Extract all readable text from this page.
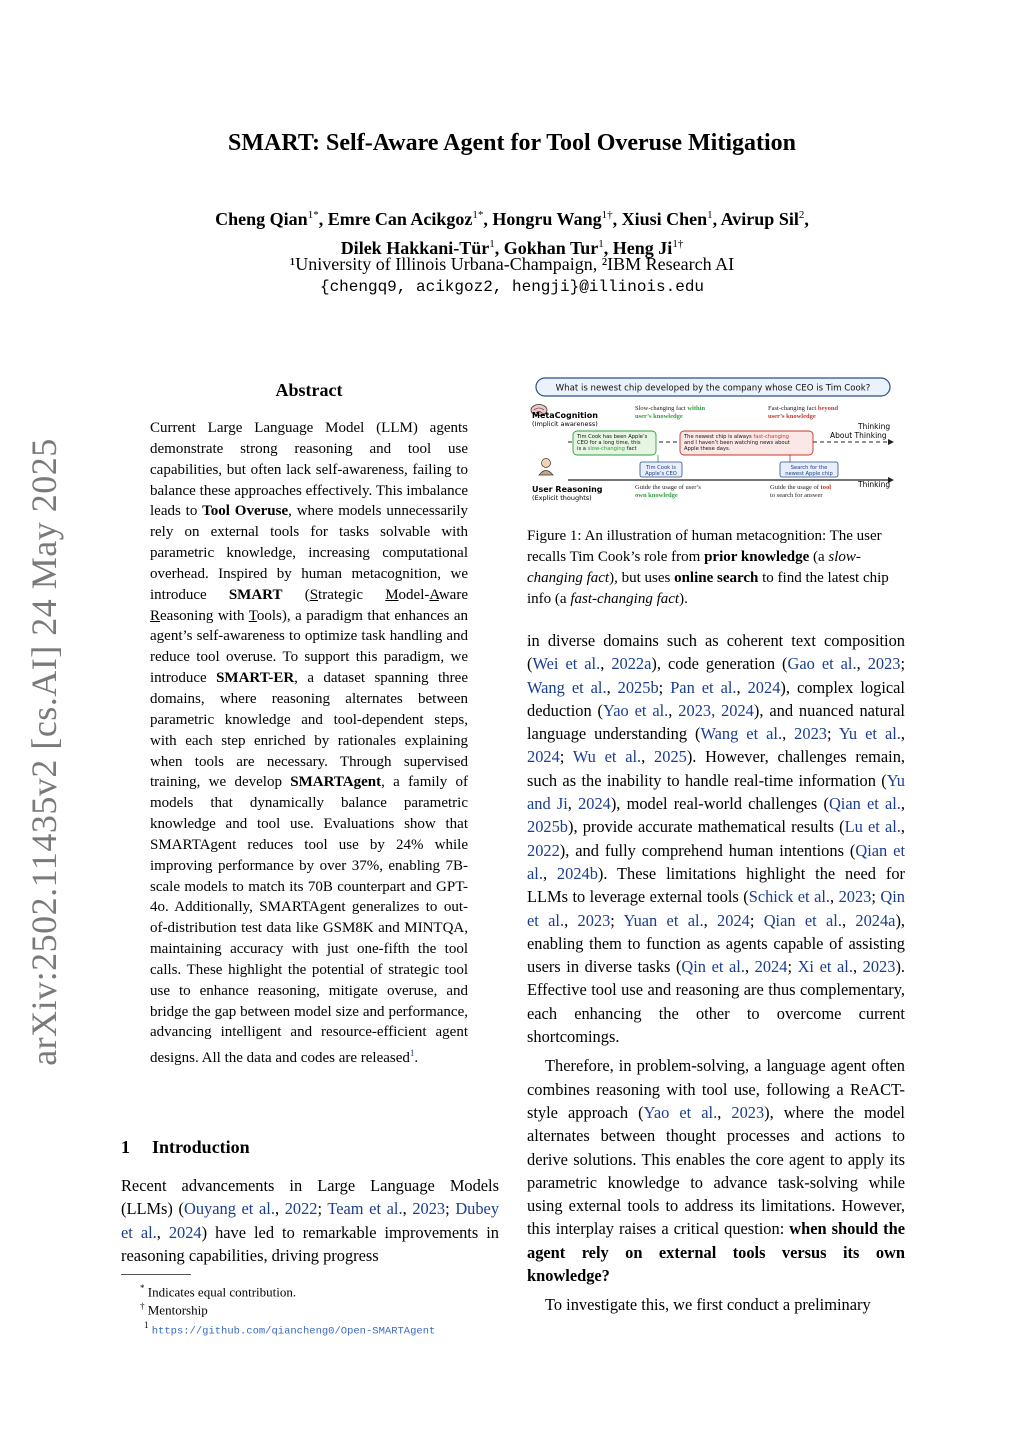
arXiv:2502.11435v2 [cs.AI] 24 May 2025
SMART: Self-Aware Agent for Tool Overuse Mitigation
Cheng Qian$^{1*}$, Emre Can Acikgoz$^{1*}$, Hongru Wang$^{1\dagger}$, Xiusi Chen$^1$, Avirup Sil$^2$,
Dilek Hakkani-Tür$^1$, Gokhan Tur$^1$, Heng $Ji^{1\dagger}$
¹University of Illinois Urbana-Champaign, ²IBM Research AI
{chengq9, acikgoz2, hengji}@illinois.edu
Abstract
Current Large Language Model (LLM) agents demonstrate strong reasoning and tool use capabilities, but often lack self-awareness, failing to balance these approaches effectively. This imbalance leads to Tool Overuse, where models unnecessarily rely on external tools for tasks solvable with parametric knowledge, increasing computational overhead. Inspired by human metacognition, we introduce SMART (Strategic Model-Aware Reasoning with Tools), a paradigm that enhances an agent’s self-awareness to optimize task handling and reduce tool overuse. To support this paradigm, we introduce SMART-ER, a dataset spanning three domains, where reasoning alternates between parametric knowledge and tool-dependent steps, with each step enriched by rationales explaining when tools are necessary. Through supervised training, we develop SMARTAgent, a family of models that dynamically balance parametric knowledge and tool use. Evaluations show that SMARTAgent reduces tool use by 24% while improving performance by over 37%, enabling 7B-scale models to match its 70B counterpart and GPT-4o. Additionally, SMARTAgent generalizes to out-of-distribution test data like GSM8K and MINTQA, maintaining accuracy with just one-fifth the tool calls. These highlight the potential of strategic tool use to enhance reasoning, mitigate overuse, and bridge the gap between model size and performance, advancing intelligent and resource-efficient agent designs. All the data and codes are released$^1$.
1 Introduction
Recent advancements in Large Language Models (LLMs) (Ouyang et al., 2022; Team et al., 2023; Dubey et al., 2024) have led to remarkable improvements in reasoning capabilities, driving progress
* Indicates equal contribution.
† Mentorship
$^1$ https://github.com/qiancheng0/Open-SMARTAgent
What is newest chip developed by the company whose CEO is Tim Cook?
MetaCognition
(Implicit awareness)
Slow-changing fact within
user’s knowledge
Fast-changing fact beyond
user’s knowledge
Thinking
About Thinking
Tim Cook has been Apple’s
CEO for a long time, this
is a slow-changing fact
The newest chip is always fast-changing
and I haven’t been watching news about
Apple these days.
User Reasoning
(Explicit thoughts)
Thinking
Tim Cook is
Apple’s CEO
Search for the
newest Apple chip
Guide the usage of user’s
own knowledge
Guide the usage of tool
to search for answer
Figure 1: An illustration of human metacognition: The user recalls Tim Cook’s role from prior knowledge (a slow-changing fact), but uses online search to find the latest chip info (a fast-changing fact).

in diverse domains such as coherent text composition (Wei et al., 2022a), code generation (Gao et al., 2023; Wang et al., 2025b; Pan et al., 2024), complex logical deduction (Yao et al., 2023, 2024), and nuanced natural language understanding (Wang et al., 2023; Yu et al., 2024; Wu et al., 2025). However, challenges remain, such as the inability to handle real-time information (Yu and Ji, 2024), model real-world challenges (Qian et al., 2025b), provide accurate mathematical results (Lu et al., 2022), and fully comprehend human intentions (Qian et al., 2024b). These limitations highlight the need for LLMs to leverage external tools (Schick et al., 2023; Qin et al., 2023; Yuan et al., 2024; Qian et al., 2024a), enabling them to function as agents capable of assisting users in diverse tasks (Qin et al., 2024; Xi et al., 2023). Effective tool use and reasoning are thus complementary, each enhancing the other to overcome current shortcomings.

Therefore, in problem-solving, a language agent often combines reasoning with tool use, following a ReACT-style approach (Yao et al., 2023), where the model alternates between thought processes and actions to derive solutions. This enables the core agent to apply its parametric knowledge to advance task-solving while using external tools to address its limitations. However, this interplay raises a critical question: when should the agent rely on external tools versus its own knowledge?

To investigate this, we first conduct a preliminary
